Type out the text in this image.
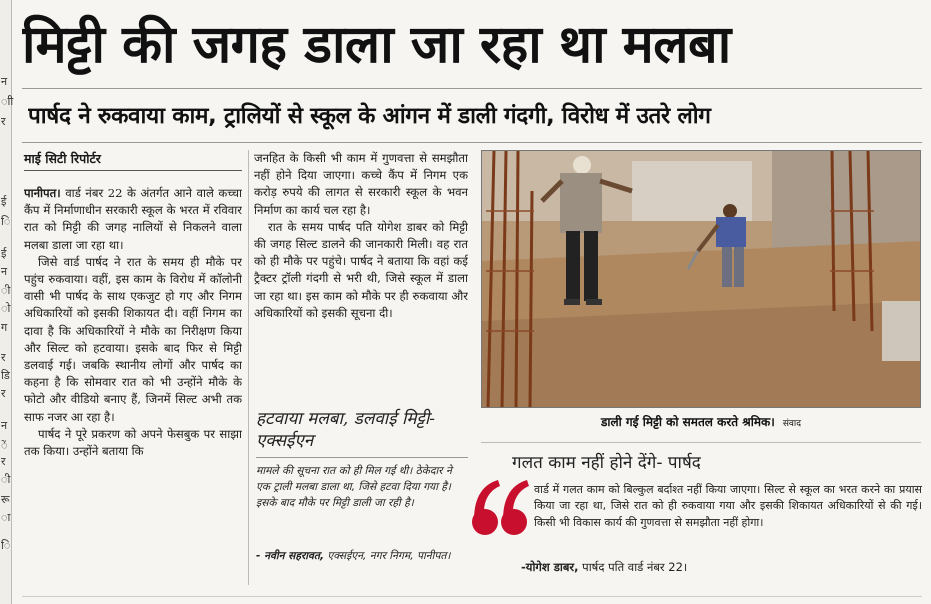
न
ाी
र
ई
ि
ई
न
ी
ाे
ग
र
डि
र
न
ें
र
ी
रू
ा
ि
मिट्टी की जगह डाला जा रहा था मलबा
पार्षद ने रुकवाया काम, ट्रालियों से स्कूल के आंगन में डाली गंदगी, विरोध में उतरे लोग
माई सिटी रिपोर्टर

पानीपत। वार्ड नंबर 22 के अंतर्गत आने वाले कच्चा कैंप में निर्माणाधीन सरकारी स्कूल के भरत में रविवार रात को मिट्टी की जगह नालियों से निकलने वाला मलबा डाला जा रहा था।

जिसे वार्ड पार्षद ने रात के समय ही मौके पर पहुंच रुकवाया। वहीं, इस काम के विरोध में कॉलोनी वासी भी पार्षद के साथ एकजुट हो गए और निगम अधिकारियों को इसकी शिकायत दी। वहीं निगम का दावा है कि अधिकारियों ने मौके का निरीक्षण किया और सिल्ट को हटवाया। इसके बाद फिर से मिट्टी डलवाई गई। जबकि स्थानीय लोगों और पार्षद का कहना है कि सोमवार रात को भी उन्होंने मौके के फोटो और वीडियो बनाए हैं, जिनमें सिल्ट अभी तक साफ नजर आ रहा है।

पार्षद ने पूरे प्रकरण को अपने फेसबुक पर साझा तक किया। उन्होंने बताया कि

जनहित के किसी भी काम में गुणवत्ता से समझौता नहीं होने दिया जाएगा। कच्चे कैंप में निगम एक करोड़ रुपये की लागत से सरकारी स्कूल के भवन निर्माण का कार्य चल रहा है।

रात के समय पार्षद पति योगेश डाबर को मिट्टी की जगह सिल्ट डालने की जानकारी मिली। वह रात को ही मौके पर पहुंचे। पार्षद ने बताया कि वहां कई ट्रैक्टर ट्रॉली गंदगी से भरी थी, जिसे स्कूल में डाला जा रहा था। इस काम को मौके पर ही रुकवाया और अधिकारियों को इसकी सूचना दी।

हटवाया मलबा, डलवाई मिट्टी- एक्सईएन
मामले की सूचना रात को ही मिल गई थी। ठेकेदार ने एक ट्राली मलबा डाला था, जिसे हटवा दिया गया है। इसके बाद मौके पर मिट्टी डाली जा रही है।
- नवीन सहरावत, एक्सईएन, नगर निगम, पानीपत।
डाली गई मिट्टी को समतल करते श्रमिक। संवाद
गलत काम नहीं होने देंगे- पार्षद
वार्ड में गलत काम को बिल्कुल बर्दाश्त नहीं किया जाएगा। सिल्ट से स्कूल का भरत करने का प्रयास किया जा रहा था, जिसे रात को ही रुकवाया गया और इसकी शिकायत अधिकारियों से की गई। किसी भी विकास कार्य की गुणवत्ता से समझौता नहीं होगा।
-योगेश डाबर, पार्षद पति वार्ड नंबर 22।
